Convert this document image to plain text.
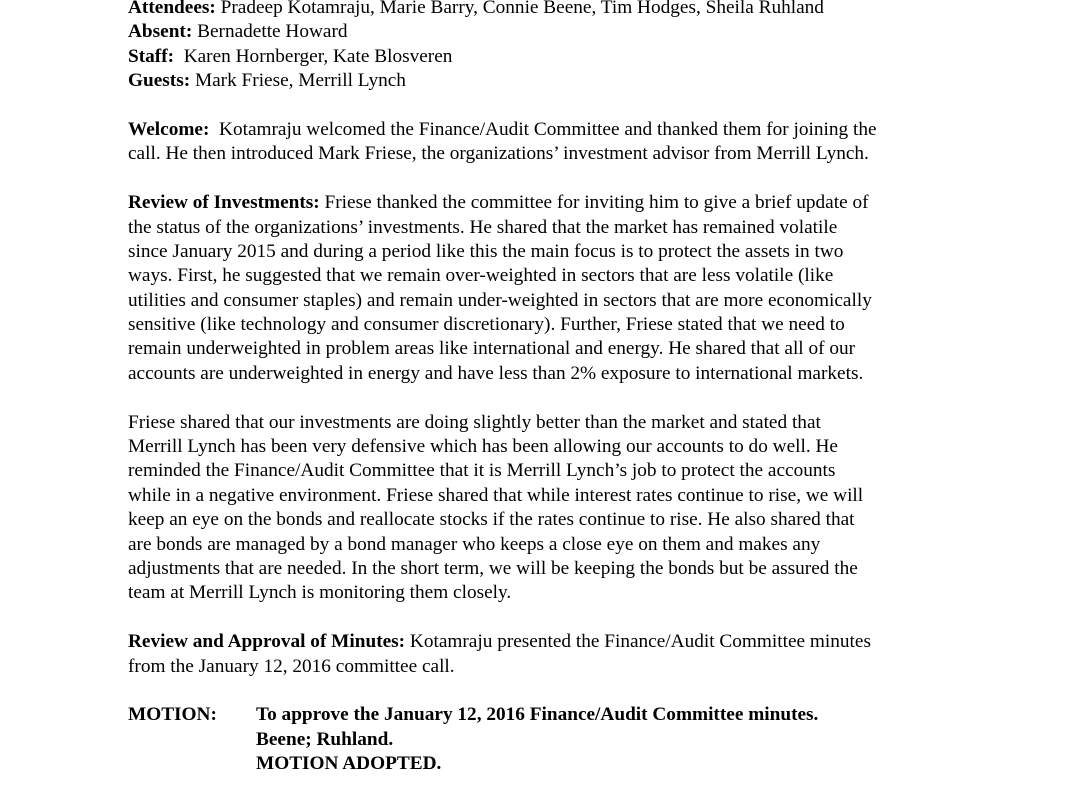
Attendees: Pradeep Kotamraju, Marie Barry, Connie Beene, Tim Hodges, Sheila Ruhland
Absent: Bernadette Howard
Staff:  Karen Hornberger, Kate Blosveren
Guests: Mark Friese, Merrill Lynch
Welcome:  Kotamraju welcomed the Finance/Audit Committee and thanked them for joining the
call. He then introduced Mark Friese, the organizations’ investment advisor from Merrill Lynch.
Review of Investments: Friese thanked the committee for inviting him to give a brief update of
the status of the organizations’ investments. He shared that the market has remained volatile
since January 2015 and during a period like this the main focus is to protect the assets in two
ways. First, he suggested that we remain over-weighted in sectors that are less volatile (like
utilities and consumer staples) and remain under-weighted in sectors that are more economically
sensitive (like technology and consumer discretionary). Further, Friese stated that we need to
remain underweighted in problem areas like international and energy. He shared that all of our
accounts are underweighted in energy and have less than 2% exposure to international markets.
Friese shared that our investments are doing slightly better than the market and stated that
Merrill Lynch has been very defensive which has been allowing our accounts to do well. He
reminded the Finance/Audit Committee that it is Merrill Lynch’s job to protect the accounts
while in a negative environment. Friese shared that while interest rates continue to rise, we will
keep an eye on the bonds and reallocate stocks if the rates continue to rise. He also shared that
are bonds are managed by a bond manager who keeps a close eye on them and makes any
adjustments that are needed. In the short term, we will be keeping the bonds but be assured the
team at Merrill Lynch is monitoring them closely.
Review and Approval of Minutes: Kotamraju presented the Finance/Audit Committee minutes
from the January 12, 2016 committee call.
MOTION:	To approve the January 12, 2016 Finance/Audit Committee minutes.
Beene; Ruhland.
MOTION ADOPTED.
